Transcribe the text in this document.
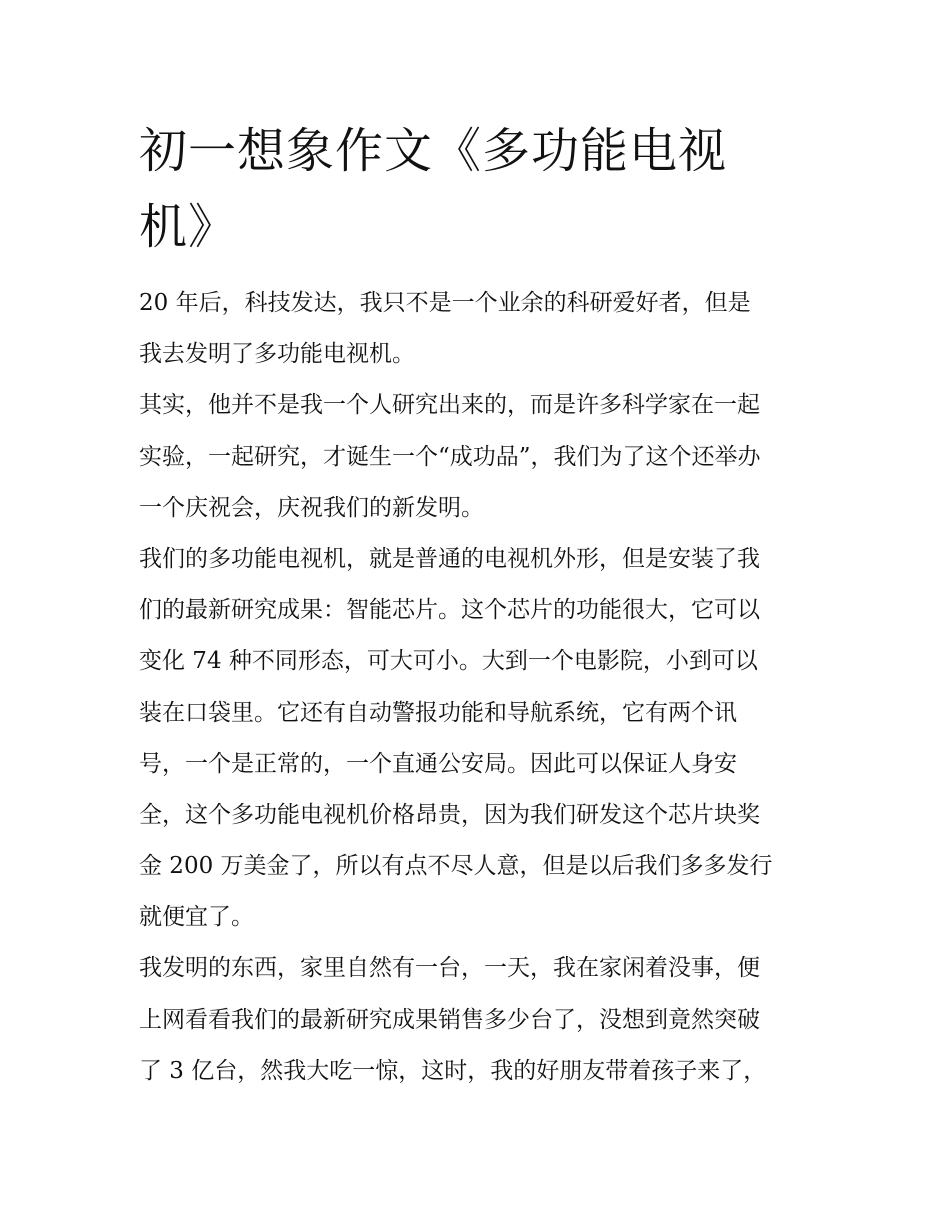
初一想象作文《多功能电视
机》
20 年后，科技发达，我只不是一个业余的科研爱好者，但是
我去发明了多功能电视机。
其实，他并不是我一个人研究出来的，而是许多科学家在一起
实验，一起研究，才诞生一个“成功品”，我们为了这个还举办
一个庆祝会，庆祝我们的新发明。
我们的多功能电视机，就是普通的电视机外形，但是安装了我
们的最新研究成果：智能芯片。这个芯片的功能很大，它可以
变化 74 种不同形态，可大可小。大到一个电影院，小到可以
装在口袋里。它还有自动警报功能和导航系统，它有两个讯
号，一个是正常的，一个直通公安局。因此可以保证人身安
全，这个多功能电视机价格昂贵，因为我们研发这个芯片块奖
金 200 万美金了，所以有点不尽人意，但是以后我们多多发行
就便宜了。
我发明的东西，家里自然有一台，一天，我在家闲着没事，便
上网看看我们的最新研究成果销售多少台了，没想到竟然突破
了 3 亿台，然我大吃一惊，这时，我的好朋友带着孩子来了，
